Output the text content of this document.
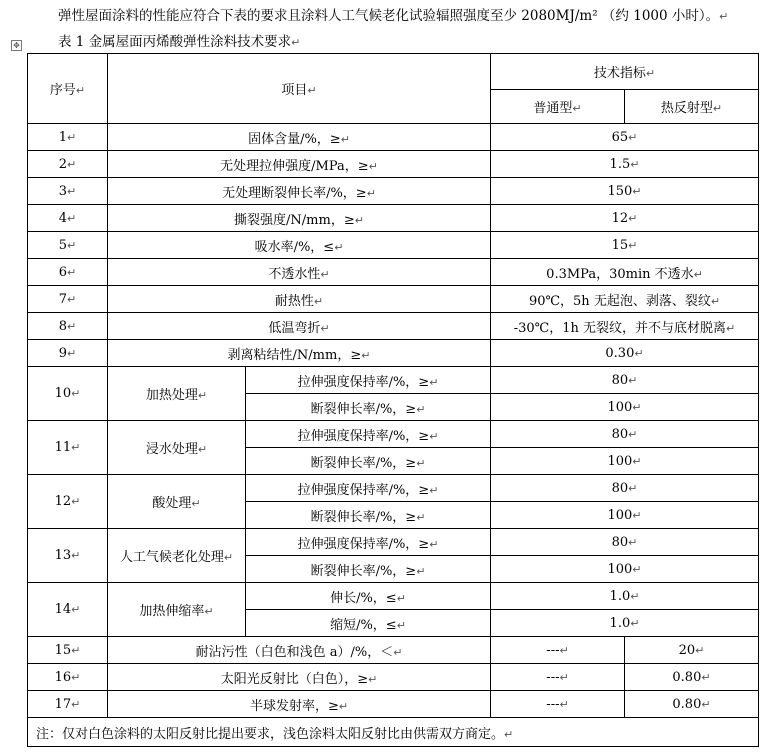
弹性屋面涂料的性能应符合下表的要求且涂料人工气候老化试验辐照强度至少 2080MJ/m² （约 1000 小时）。↵
✥	表 1 金属屋面丙烯酸弹性涂料技术要求↵
序号↵	项目↵		技术指标↵	
			普通型↵	热反射型↵
1↵	固体含量/%，≥↵		65↵	
2↵	无处理拉伸强度/MPa，≥↵		1.5↵	
3↵	无处理断裂伸长率/%，≥↵		150↵	
4↵	撕裂强度/N/mm，≥↵		12↵	
5↵	吸水率/%，≤↵		15↵	
6↵	不透水性↵		0.3MPa，30min 不透水↵	
7↵	耐热性↵		90℃，5h 无起泡、剥落、裂纹↵	
8↵	低温弯折↵		-30℃，1h 无裂纹，并不与底材脱离↵	
9↵	剥离粘结性/N/mm，≥↵		0.30↵	
10↵	加热处理↵	拉伸强度保持率/%，≥↵	80↵	
		断裂伸长率/%，≥↵	100↵	
11↵	浸水处理↵	拉伸强度保持率/%，≥↵	80↵	
		断裂伸长率/%，≥↵	100↵	
12↵	酸处理↵	拉伸强度保持率/%，≥↵	80↵	
		断裂伸长率/%，≥↵	100↵	
13↵	人工气候老化处理↵	拉伸强度保持率/%，≥↵	80↵	
		断裂伸长率/%，≥↵	100↵	
14↵	加热伸缩率↵	伸长/%，≤↵	1.0↵	
		缩短/%，≤↵	1.0↵	
15↵	耐沾污性（白色和浅色 a）/%，＜↵		---↵	20↵
16↵	太阳光反射比（白色），≥↵		---↵	0.80↵
17↵	半球发射率，≥↵		---↵	0.80↵
注：仅对白色涂料的太阳反射比提出要求，浅色涂料太阳反射比由供需双方商定。↵				
